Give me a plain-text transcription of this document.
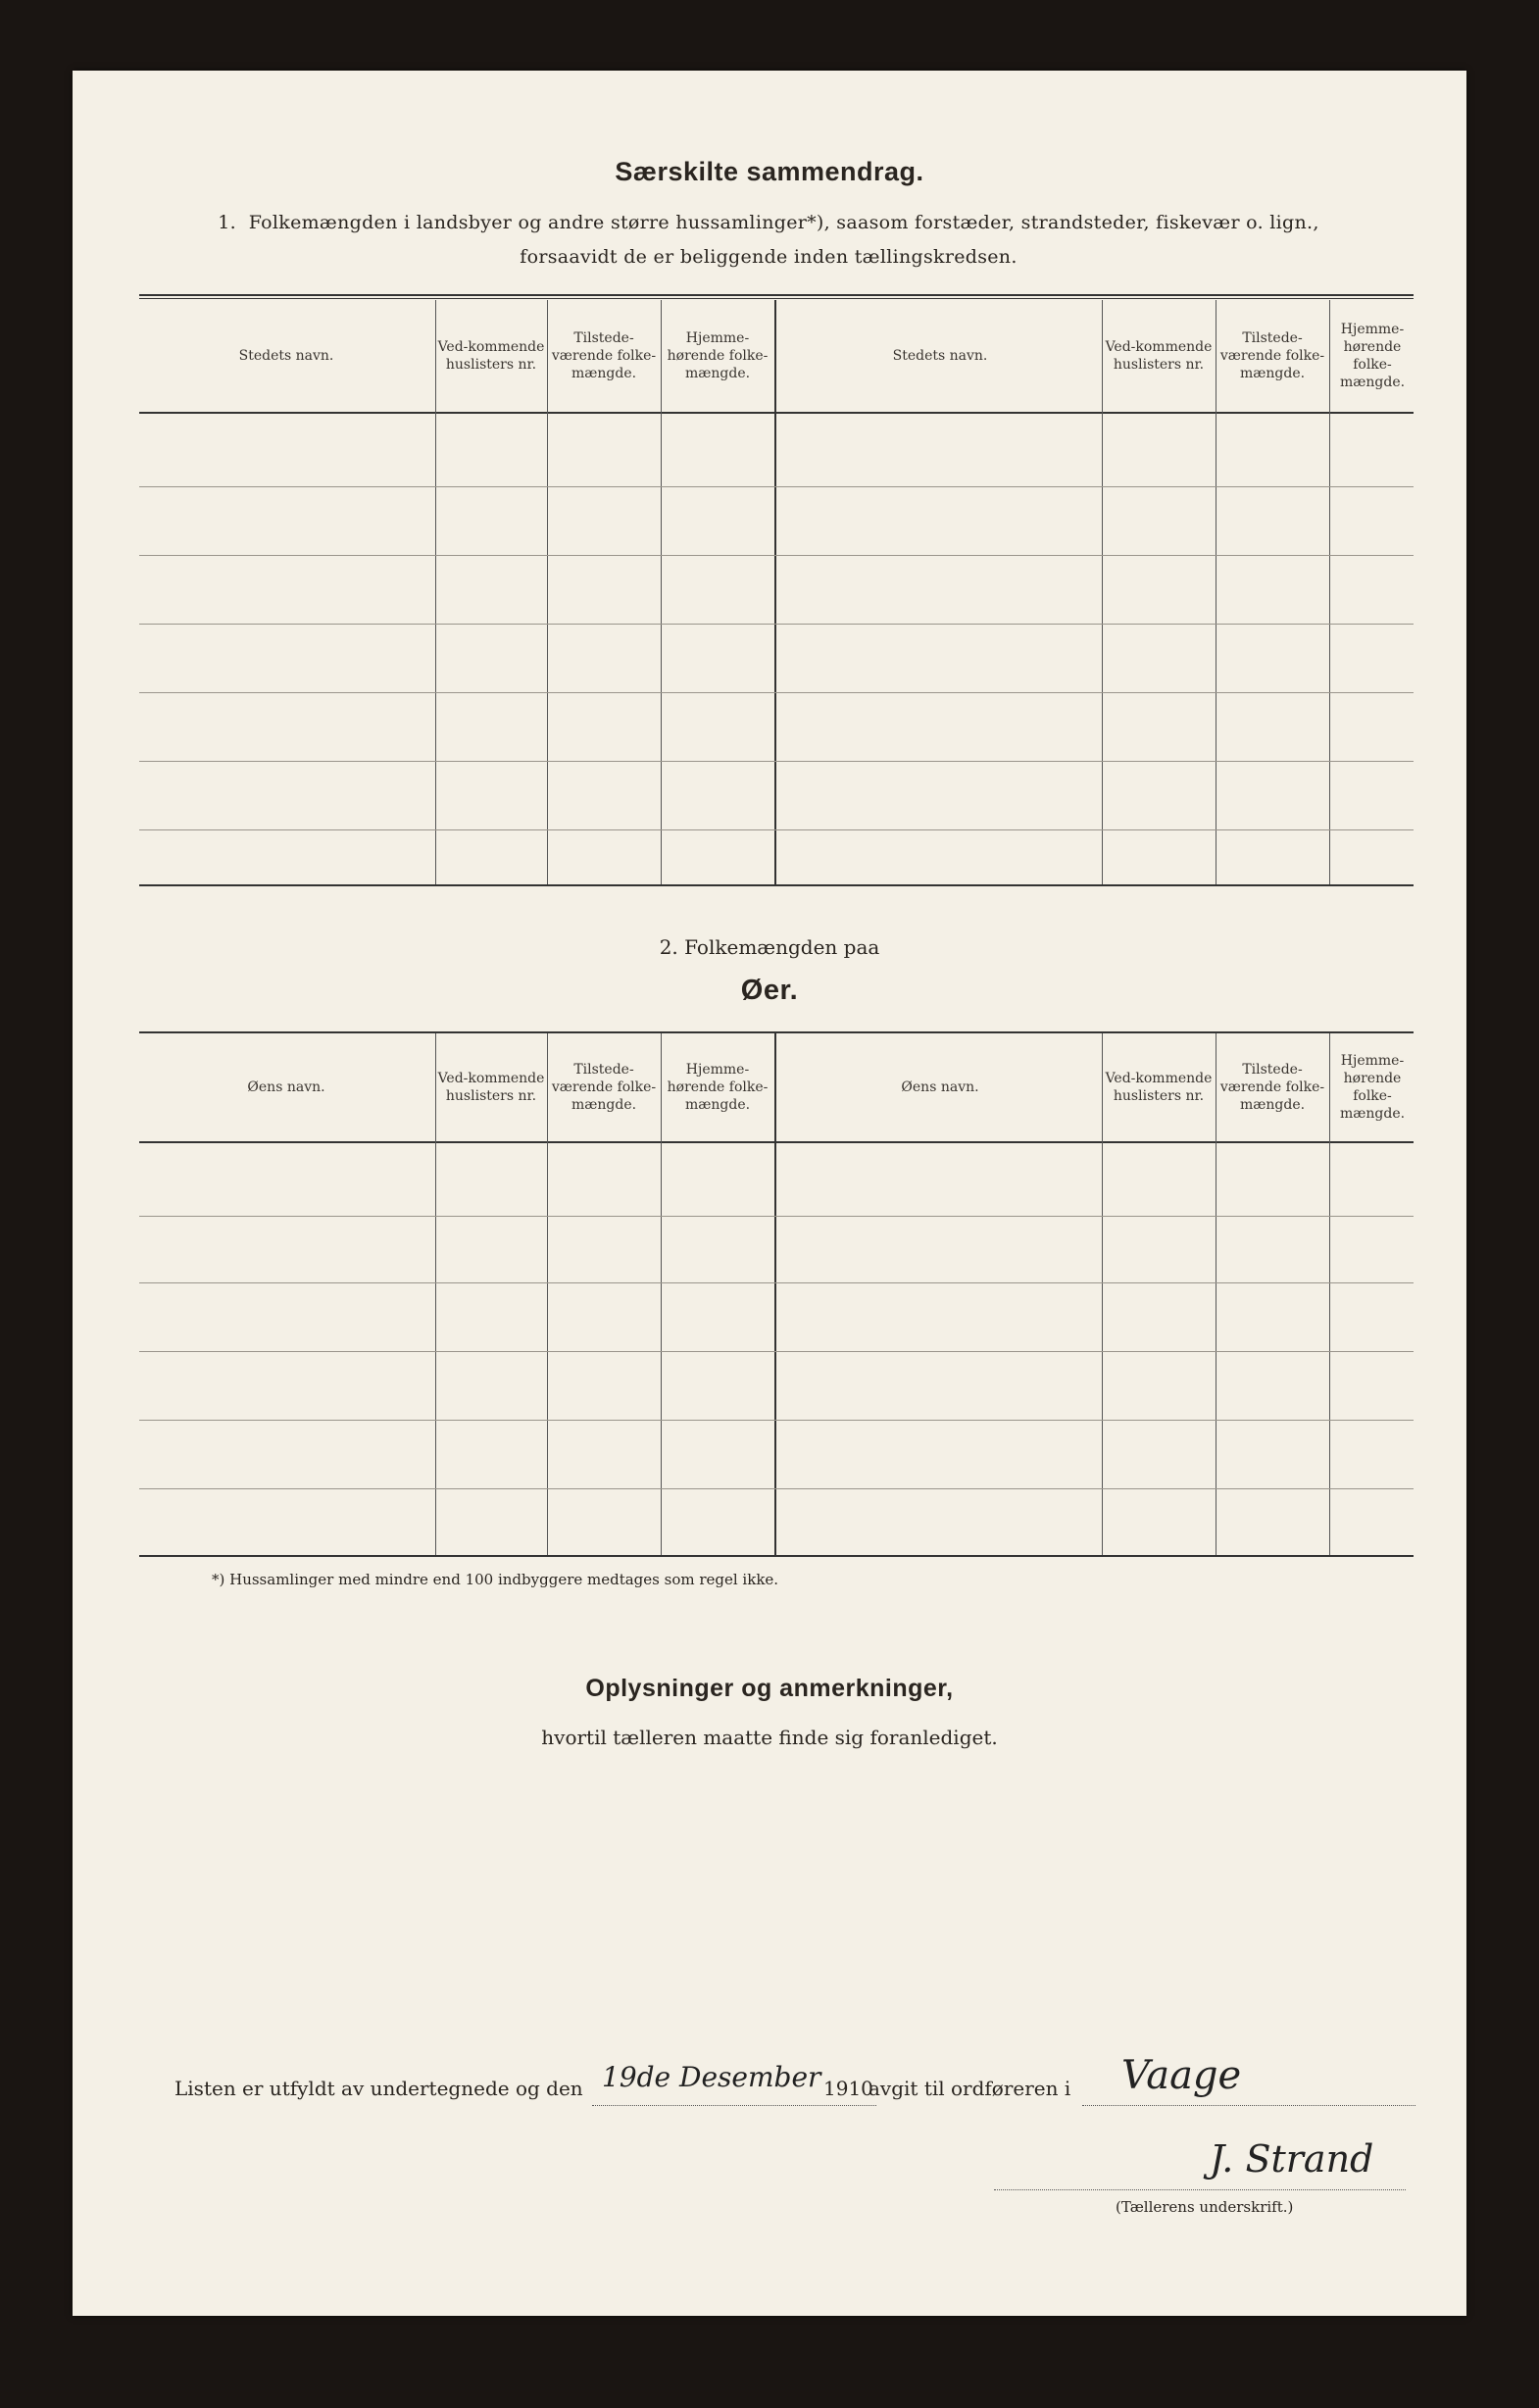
Særskilte sammendrag.
1. Folkemængden i landsbyer og andre større hussamlinger*), saasom forstæder, strandsteder, fiskevær o. lign.,
forsaavidt de er beliggende inden tællingskredsen.
Stedets navn.
Ved-kommende huslisters nr.
Tilstede-værende folke-mængde.
Hjemme-hørende folke-mængde.
Stedets navn.
Ved-kommende huslisters nr.
Tilstede-værende folke-mængde.
Hjemme-hørende folke-mængde.
2. Folkemængden paa
Øer.
Øens navn.
Ved-kommende huslisters nr.
Tilstede-værende folke-mængde.
Hjemme-hørende folke-mængde.
Øens navn.
Ved-kommende huslisters nr.
Tilstede-værende folke-mængde.
Hjemme-hørende folke-mængde.
*) Hussamlinger med mindre end 100 indbyggere medtages som regel ikke.
Oplysninger og anmerkninger,
hvortil tælleren maatte finde sig foranlediget.
Listen er utfyldt av undertegnede og den 19de Desember 1910
avgit til ordføreren i Vaage
J. Strand
(Tællerens underskrift.)
